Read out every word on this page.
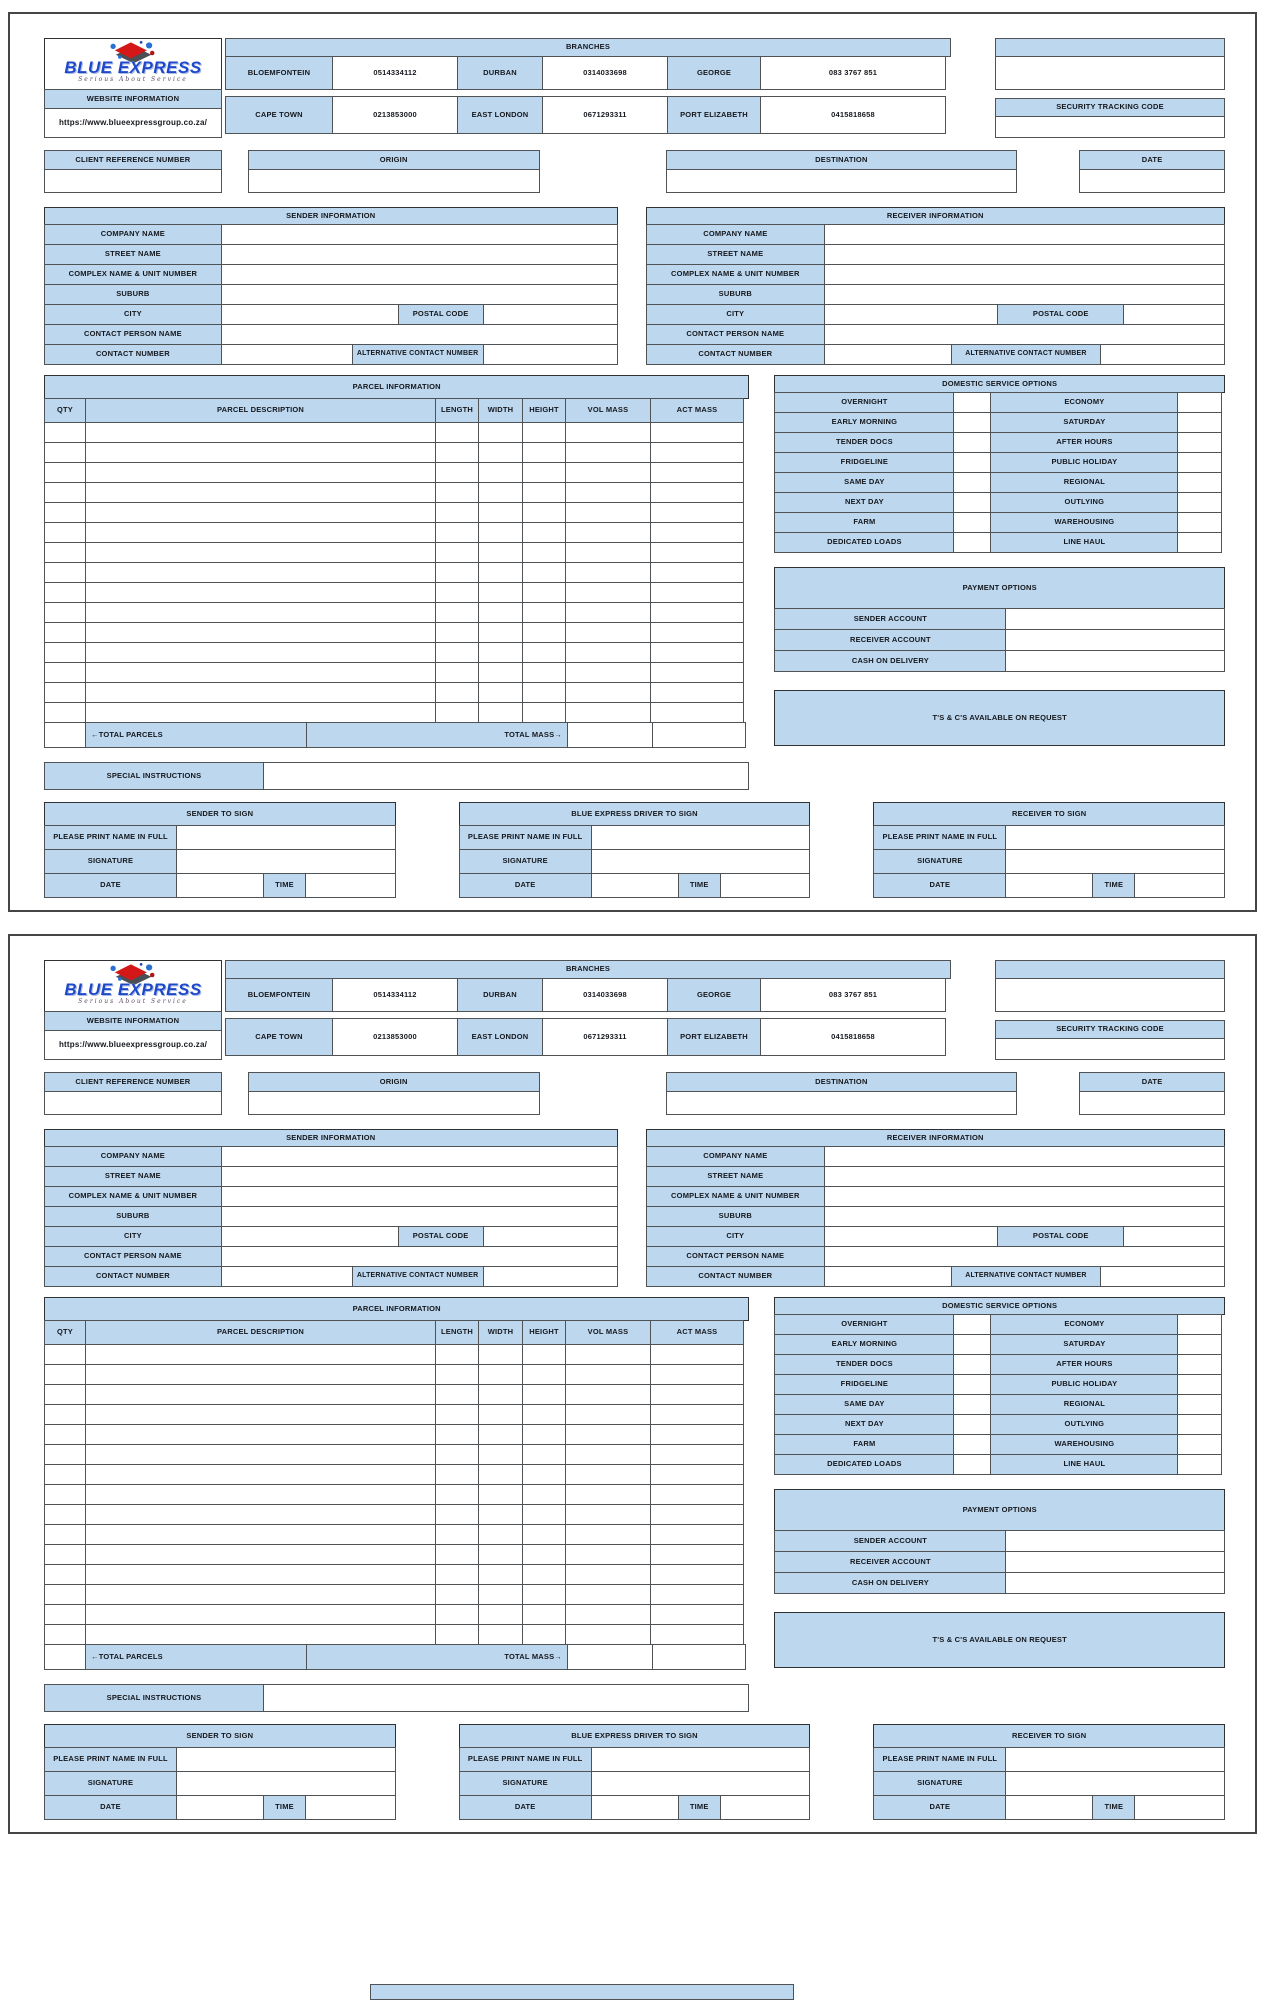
BLUE EXPRESS
Serious About Service
WEBSITE INFORMATION
https://www.blueexpressgroup.co.za/
BRANCHES
BLOEMFONTEIN	0514334112	DURBAN	0314033698	GEORGE	083 3767 851
CAPE TOWN	0213853000	EAST LONDON	0671293311	PORT ELIZABETH	0415818658
SECURITY TRACKING CODE
CLIENT REFERENCE NUMBER	ORIGIN	DESTINATION	DATE
SENDER INFORMATION
COMPANY NAME
STREET NAME
COMPLEX NAME & UNIT NUMBER
SUBURB
CITY	POSTAL CODE
CONTACT PERSON NAME
CONTACT NUMBER	ALTERNATIVE CONTACT NUMBER
RECEIVER INFORMATION
COMPANY NAME
STREET NAME
COMPLEX NAME & UNIT NUMBER
SUBURB
CITY	POSTAL CODE
CONTACT PERSON NAME
CONTACT NUMBER	ALTERNATIVE CONTACT NUMBER
PARCEL INFORMATION
QTY	PARCEL DESCRIPTION	LENGTH	WIDTH	HEIGHT	VOL MASS	ACT MASS
←TOTAL PARCELS	TOTAL MASS→
DOMESTIC SERVICE OPTIONS
OVERNIGHT	ECONOMY
EARLY MORNING	SATURDAY
TENDER DOCS	AFTER HOURS
FRIDGELINE	PUBLIC HOLIDAY
SAME DAY	REGIONAL
NEXT DAY	OUTLYING
FARM	WAREHOUSING
DEDICATED LOADS	LINE HAUL
PAYMENT OPTIONS
SENDER ACCOUNT
RECEIVER ACCOUNT
CASH ON DELIVERY
T'S & C'S AVAILABLE ON REQUEST
SPECIAL INSTRUCTIONS
SENDER TO SIGN
PLEASE PRINT NAME IN FULL
SIGNATURE
DATE	TIME
BLUE EXPRESS DRIVER TO SIGN
PLEASE PRINT NAME IN FULL
SIGNATURE
DATE	TIME
RECEIVER TO SIGN
PLEASE PRINT NAME IN FULL
SIGNATURE
DATE	TIME
BLUE EXPRESS
Serious About Service
WEBSITE INFORMATION
https://www.blueexpressgroup.co.za/
BRANCHES
BLOEMFONTEIN	0514334112	DURBAN	0314033698	GEORGE	083 3767 851
CAPE TOWN	0213853000	EAST LONDON	0671293311	PORT ELIZABETH	0415818658
SECURITY TRACKING CODE
CLIENT REFERENCE NUMBER	ORIGIN	DESTINATION	DATE
SENDER INFORMATION
COMPANY NAME
STREET NAME
COMPLEX NAME & UNIT NUMBER
SUBURB
CITY	POSTAL CODE
CONTACT PERSON NAME
CONTACT NUMBER	ALTERNATIVE CONTACT NUMBER
RECEIVER INFORMATION
COMPANY NAME
STREET NAME
COMPLEX NAME & UNIT NUMBER
SUBURB
CITY	POSTAL CODE
CONTACT PERSON NAME
CONTACT NUMBER	ALTERNATIVE CONTACT NUMBER
PARCEL INFORMATION
QTY	PARCEL DESCRIPTION	LENGTH	WIDTH	HEIGHT	VOL MASS	ACT MASS
←TOTAL PARCELS	TOTAL MASS→
DOMESTIC SERVICE OPTIONS
OVERNIGHT	ECONOMY
EARLY MORNING	SATURDAY
TENDER DOCS	AFTER HOURS
FRIDGELINE	PUBLIC HOLIDAY
SAME DAY	REGIONAL
NEXT DAY	OUTLYING
FARM	WAREHOUSING
DEDICATED LOADS	LINE HAUL
PAYMENT OPTIONS
SENDER ACCOUNT
RECEIVER ACCOUNT
CASH ON DELIVERY
T'S & C'S AVAILABLE ON REQUEST
SPECIAL INSTRUCTIONS
SENDER TO SIGN
PLEASE PRINT NAME IN FULL
SIGNATURE
DATE	TIME
BLUE EXPRESS DRIVER TO SIGN
PLEASE PRINT NAME IN FULL
SIGNATURE
DATE	TIME
RECEIVER TO SIGN
PLEASE PRINT NAME IN FULL
SIGNATURE
DATE	TIME
